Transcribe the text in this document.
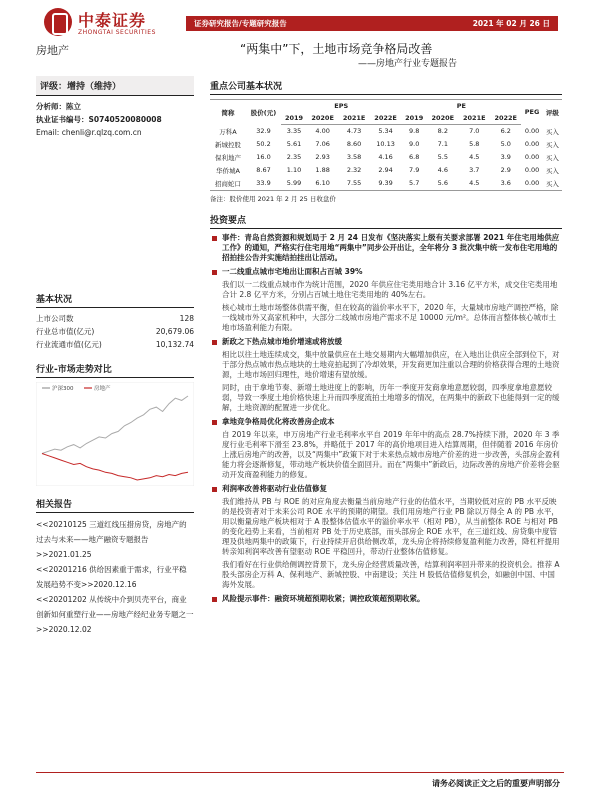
中泰证券
ZHONGTAI SECURITIES
证券研究报告/专题研究报告	2021 年 02 月 26 日
房地产	“两集中”下，土地市场竞争格局改善
——房地产行业专题报告
评级：增持（维持）
分析师：陈立
执业证书编号：S0740520080008
Email: chenli@r.qlzq.com.cn
基本状况
上市公司数	128
行业总市值(亿元)	20,679.06
行业流通市值(亿元)	10,132.74
行业-市场走势对比
沪深300	房地产
相关报告
<<20210125 三道红线压措房贷，房地产的过去与未来——地产融资专题报告>>2021.01.25
<<20201216 供给因素重于需求，行业平稳发展趋势不变>>2020.12.16
<<20201202 从传统中介到贝壳平台，商业创新如何重塑行业——房地产经纪业务专题之一>>2020.12.02
重点公司基本状况
简称	股价(元)	EPS				PE				PEG	评级
		2019	2020E	2021E	2022E	2019	2020E	2021E	2022E		
万科A	32.9	3.35	4.00	4.73	5.34	9.8	8.2	7.0	6.2	0.00	买入
新城控股	50.2	5.61	7.06	8.60	10.13	9.0	7.1	5.8	5.0	0.00	买入
保利地产	16.0	2.35	2.93	3.58	4.16	6.8	5.5	4.5	3.9	0.00	买入
华侨城A	8.67	1.10	1.88	2.32	2.94	7.9	4.6	3.7	2.9	0.00	买入
招商蛇口	33.9	5.99	6.10	7.55	9.39	5.7	5.6	4.5	3.6	0.00	买入
备注：股价使用 2021 年 2 月 25 日收盘价
投资要点
事件：青岛自然资源和规划局于 2 月 24 日发布《坚决落实上级有关要求部署 2021 年住宅用地供应工作》的通知，严格实行住宅用地“两集中”同步公开出让，全年将分 3 批次集中统一发布住宅用地的招拍挂公告并实施结拍挂出让活动。
一二线重点城市宅地出让面积占百城 39%
我们以一二线重点城市作为统计范围，2020 年供应住宅类用地合计 3.16 亿平方米，成交住宅类用地合计 2.8 亿平方米，分别占百城土地住宅类用地的 40%左右。
核心城市土地市场整体供需平衡，但在较高的溢价率水平下，2020 年，大量城市房地产调控严格，除一线城市外又高家机种中，大部分二线城市房地产需求不足 10000 元/m²。总体而言整体核心城市土地市场盈利能力有限。
新政之下热点城市地价增速或将放缓
相比以往土地连续成交，集中放量供应在土地交易期内大幅增加供应，在入地出让供应全部到位下，对于部分热点城市热点地块的土地竞拍起到了冷却效果，开发商更加注重以合理的价格获得合理的土地资源，土地市场回归理性，地价增速有望放缓。
同时，由于拿地节奏、新增土地进度上的影响，历年一季度开发商拿地意愿较弱，四季度拿地意愿较弱，导致一季度土地价格快速上升而四季度流拍土地增多的情况，在两集中的新政下也能得到一定的缓解，土地资源的配置进一步优化。
拿地竞争格局优化将改善房企成本
自 2019 年以来，申万房地产行业毛利率水平自 2019 年年中的高点 28.7%持续下滑，2020 年 3 季度行业毛利率下滑至 23.8%，并略低于 2017 年的高价地项目进入结算周期，但伴随着 2016 年房价上涨后房地产的改善，以及“两集中”政策下对于未来热点城市房地产价差的进一步改善，头部房企盈利能力将会逐渐修复，带动地产板块价值全面回升。而在“两集中”新政后，边际改善的房地产价差将会驱动开发商盈利能力的修复。
利润率改善将驱动行业估值修复
我们维持从 PB 与 ROE 的对应角度去衡量当前房地产行业的估值水平，当期较低对应的 PB 水平反映的是投资者对于未来公司 ROE 水平的预期的期望。我们用房地产行业 PB 除以万得全 A 的 PB 水平，用以衡量房地产板块相对于 A 股整体估值水平的溢价率水平（相对 PB），从当前整体 ROE 与相对 PB 的变化趋势上来看，当前相对 PB 处于历史底部，而头部房企 ROE 水平，在三道红线、房贷集中度管理及供地两集中的政策下，行业持续开启供给侧改革，龙头房企将持续修复盈利能力改善，降杠杆提用转亲知利润率改善有望驱动 ROE 平稳回升，带动行业整体估值修复。
我们看好在行业供给侧调控背景下，龙头房企经营质量改善，结算利润率回升带来的投资机会。推荐 A 股头部房企万科 A、保利地产、新城控股、中南建设；关注 H 股低估值修复机会，如融创中国、中国海外发展。
风险提示事件：融资环境超预期收紧；调控政策超预期收紧。
请务必阅读正文之后的重要声明部分
